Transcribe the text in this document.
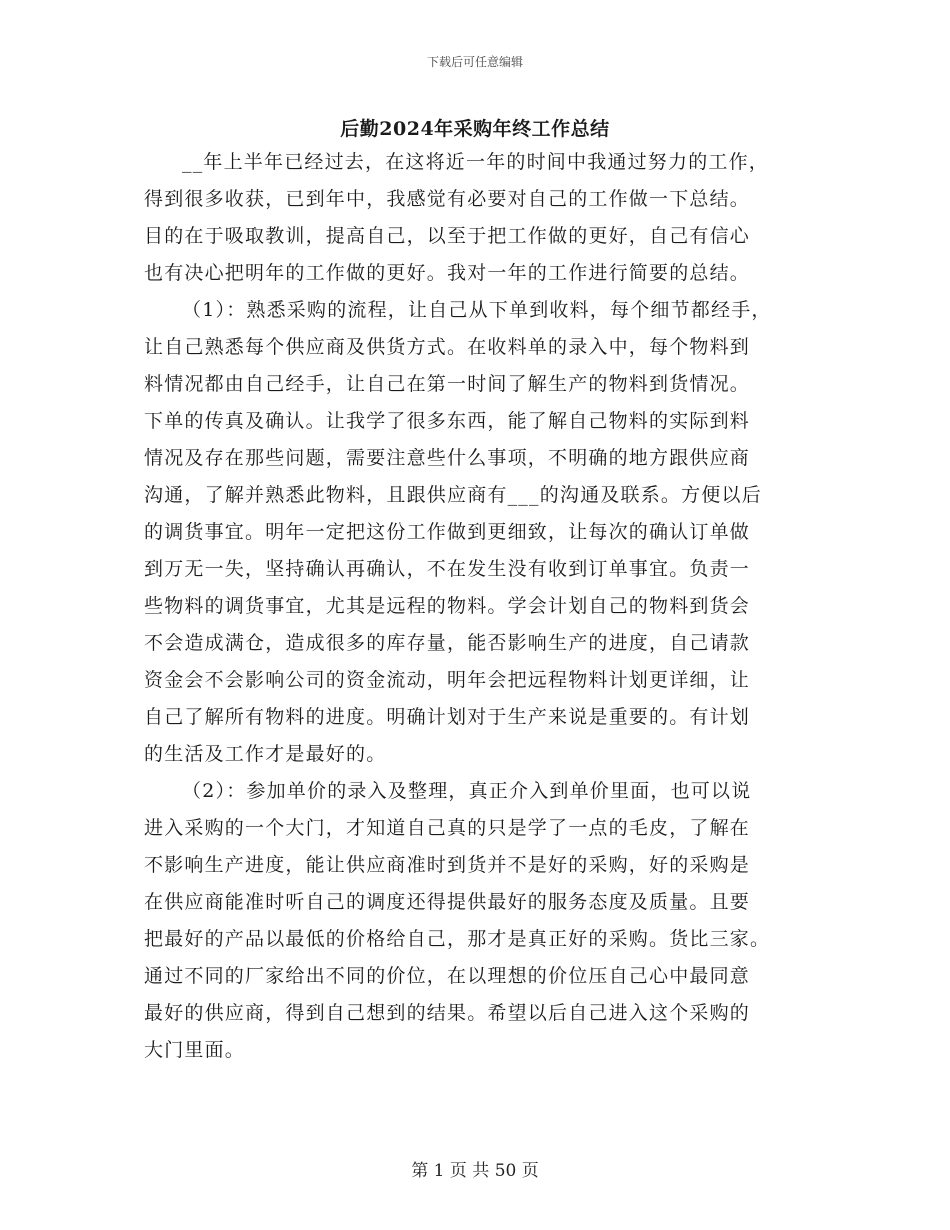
下载后可任意编辑
后勤2024年采购年终工作总结
__年上半年已经过去，在这将近一年的时间中我通过努力的工作，
得到很多收获，已到年中，我感觉有必要对自己的工作做一下总结。
目的在于吸取教训，提高自己，以至于把工作做的更好，自己有信心
也有决心把明年的工作做的更好。我对一年的工作进行简要的总结。
（1）：熟悉采购的流程，让自己从下单到收料，每个细节都经手，
让自己熟悉每个供应商及供货方式。在收料单的录入中，每个物料到
料情况都由自己经手，让自己在第一时间了解生产的物料到货情况。
下单的传真及确认。让我学了很多东西，能了解自己物料的实际到料
情况及存在那些问题，需要注意些什么事项，不明确的地方跟供应商
沟通，了解并熟悉此物料，且跟供应商有___的沟通及联系。方便以后
的调货事宜。明年一定把这份工作做到更细致，让每次的确认订单做
到万无一失，坚持确认再确认，不在发生没有收到订单事宜。负责一
些物料的调货事宜，尤其是远程的物料。学会计划自己的物料到货会
不会造成满仓，造成很多的库存量，能否影响生产的进度，自己请款
资金会不会影响公司的资金流动，明年会把远程物料计划更详细，让
自己了解所有物料的进度。明确计划对于生产来说是重要的。有计划
的生活及工作才是最好的。
（2）：参加单价的录入及整理，真正介入到单价里面，也可以说
进入采购的一个大门，才知道自己真的只是学了一点的毛皮，了解在
不影响生产进度，能让供应商准时到货并不是好的采购，好的采购是
在供应商能准时听自己的调度还得提供最好的服务态度及质量。且要
把最好的产品以最低的价格给自己，那才是真正好的采购。货比三家。
通过不同的厂家给出不同的价位，在以理想的价位压自己心中最同意
最好的供应商，得到自己想到的结果。希望以后自己进入这个采购的
大门里面。
第 1 页 共 50 页
